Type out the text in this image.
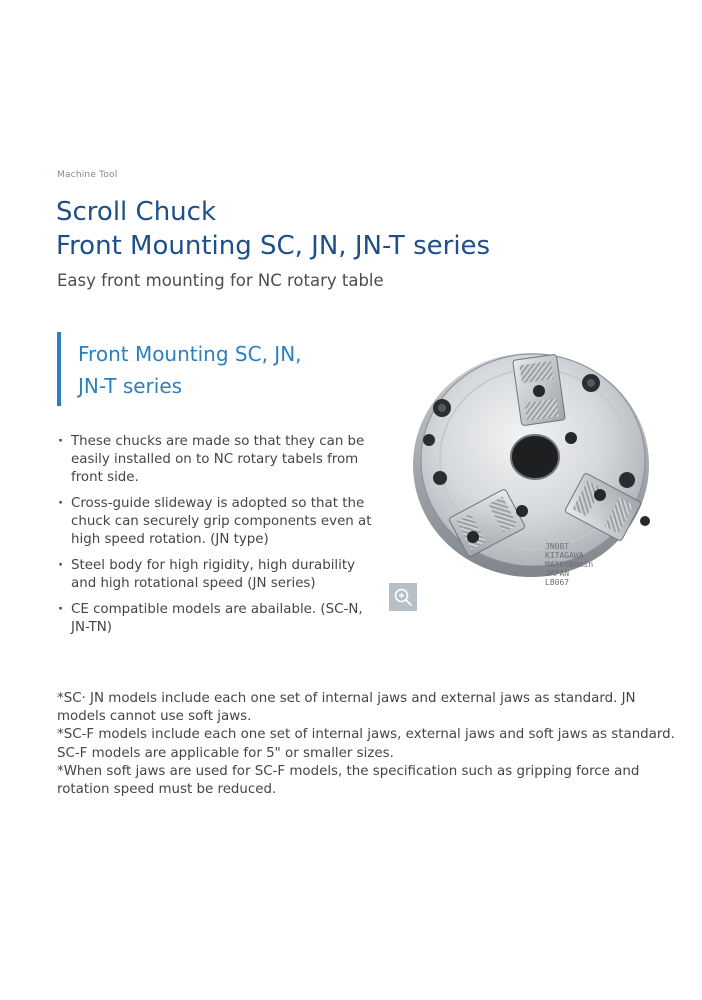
Machine Tool
Scroll Chuck
Front Mounting SC, JN, JN-T series
Easy front mounting for NC rotary table
Front Mounting SC, JN,
JN-T series
· These chucks are made so that they can be easily installed on to NC rotary tabels from front side.
· Cross-guide slideway is adopted so that the chuck can securely grip components even at high speed rotation. (JN type)
· Steel body for high rigidity, high durability and high rotational speed (JN series)
· CE compatible models are abailable. (SC-N, JN-TN)
JN08T
KITAGAWA
MAX6000min
JAPAN
LB067

*SC· JN models include each one set of internal jaws and external jaws as standard. JN models cannot use soft jaws.

*SC-F models include each one set of internal jaws, external jaws and soft jaws as standard. SC-F models are applicable for 5" or smaller sizes.

*When soft jaws are used for SC-F models, the specification such as gripping force and rotation speed must be reduced.
